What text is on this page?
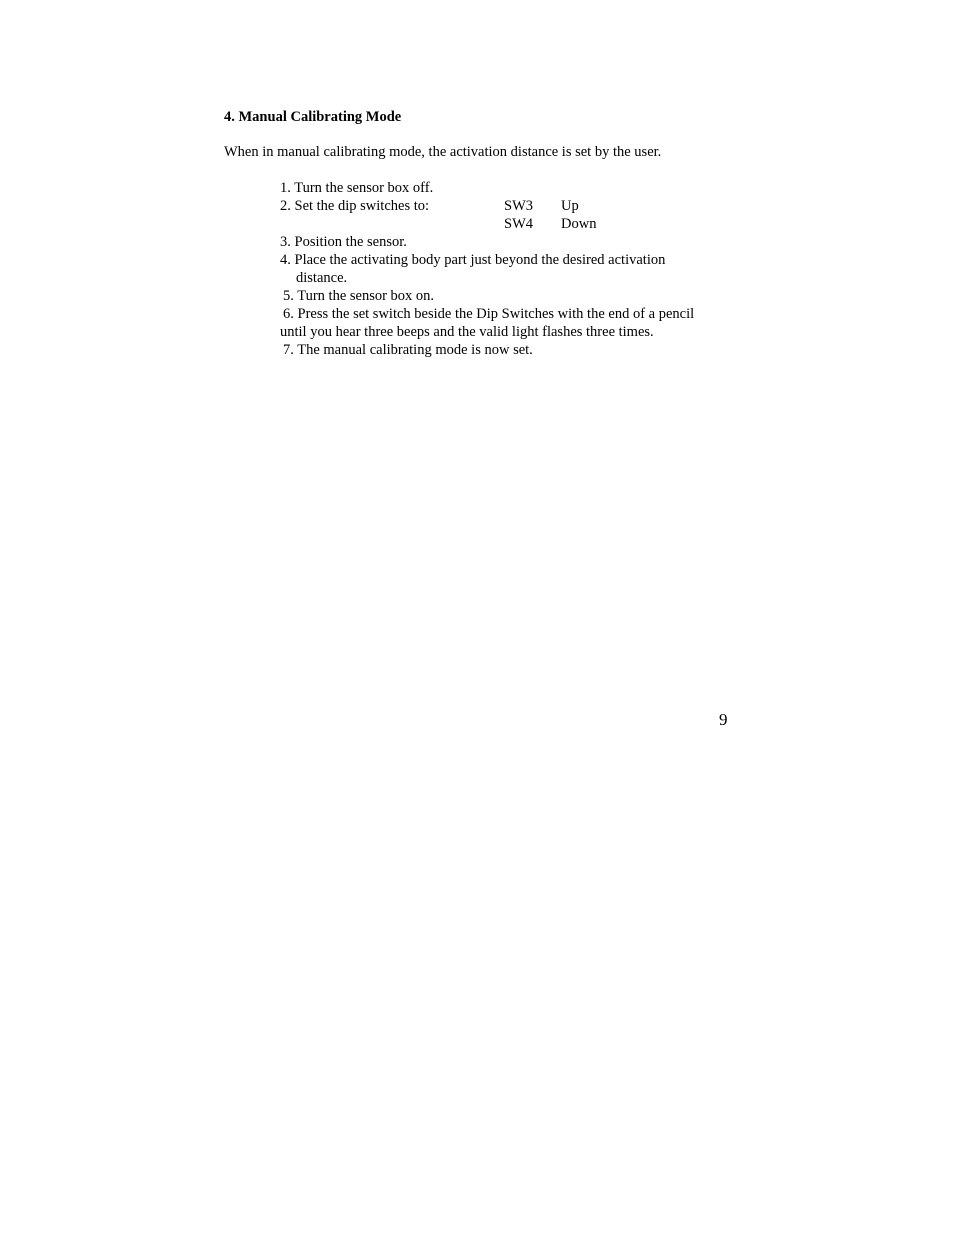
4. Manual Calibrating Mode
When in manual calibrating mode, the activation distance is set by the user.
1. Turn the sensor box off.
2. Set the dip switches to:	SW3 Up
SW4 Down
3. Position the sensor.
4. Place the activating body part just beyond the desired activation
distance.
5. Turn the sensor box on.
6. Press the set switch beside the Dip Switches with the end of a pencil
until you hear three beeps and the valid light flashes three times.
7. The manual calibrating mode is now set.
9
